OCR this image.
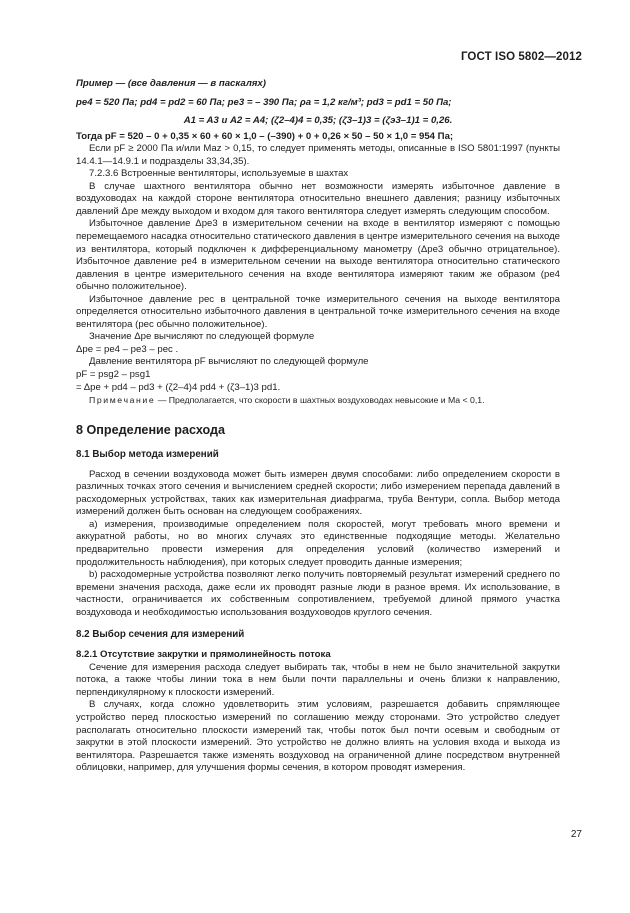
ГОСТ ISO 5802—2012

Пример — (все давления — в паскалях)

pe4 = 520 Па; pd4 = pd2 = 60 Па; pe3 = – 390 Па; ρa = 1,2 кг/м³; pd3 = pd1 = 50 Па;

A1 = A3 и A2 = A4; (ζ2–4)4 = 0,35; (ζ3–1)3 = (ζэ3–1)1 = 0,26.

Тогда pF = 520 – 0 + 0,35 × 60 + 60 × 1,0 – (–390) + 0 + 0,26 × 50 – 50 × 1,0 = 954 Па;

Если pF ≥ 2000 Па и/или Maz > 0,15, то следует применять методы, описанные в ISO 5801:1997 (пункты 14.4.1—14.9.1 и подразделы 33,34,35).

7.2.3.6 Встроенные вентиляторы, используемые в шахтах

В случае шахтного вентилятора обычно нет возможности измерять избыточное давление в воздуховодах на каждой стороне вентилятора относительно внешнего давления; разницу избыточных давлений Δpe между выходом и входом для такого вентилятора следует измерять следующим способом.

Избыточное давление Δpe3 в измерительном сечении на входе в вентилятор измеряют с помощью перемещаемого насадка относительно статического давления в центре измерительного сечения на выходе из вентилятора, который подключен к дифференциальному манометру (Δpe3 обычно отрицательное). Избыточное давление pe4 в измерительном сечении на выходе вентилятора относительно статического давления в центре измерительного сечения на входе вентилятора измеряют таким же образом (pe4 обычно положительное).

Избыточное давление pec в центральной точке измерительного сечения на выходе вентилятора определяется относительно избыточного давления в центральной точке измерительного сечения на входе вентилятора (pec обычно положительное).

Значение Δpe вычисляют по следующей формуле

Δpe = pe4 – pe3 – pec .

Давление вентилятора pF вычисляют по следующей формуле

pF = psg2 – psg1

= Δpe + pd4 – pd3 + (ζ2–4)4 pd4 + (ζ3–1)3 pd1.

Примечание — Предполагается, что скорости в шахтных воздуховодах невысокие и Ma < 0,1.

8 Определение расхода
8.1 Выбор метода измерений

Расход в сечении воздуховода может быть измерен двумя способами: либо определением скорости в различных точках этого сечения и вычислением средней скорости; либо измерением перепада давлений в расходомерных устройствах, таких как измерительная диафрагма, труба Вентури, сопла. Выбор метода измерений должен быть основан на следующем соображениях.

а) измерения, производимые определением поля скоростей, могут требовать много времени и аккуратной работы, но во многих случаях это единственные подходящие методы. Желательно предварительно провести измерения для определения условий (количество измерений и продолжительность наблюдения), при которых следует проводить данные измерения;

b) расходомерные устройства позволяют легко получить повторяемый результат измерений среднего по времени значения расхода, даже если их проводят разные люди в разное время. Их использование, в частности, ограничивается их собственным сопротивлением, требуемой длиной прямого участка воздуховода и необходимостью использования воздуховодов круглого сечения.

8.2 Выбор сечения для измерений
8.2.1 Отсутствие закрутки и прямолинейность потока

Сечение для измерения расхода следует выбирать так, чтобы в нем не было значительной закрутки потока, а также чтобы линии тока в нем были почти параллельны и очень близки к направлению, перпендикулярному к плоскости измерений.

В случаях, когда сложно удовлетворить этим условиям, разрешается добавить спрямляющее устройство перед плоскостью измерений по соглашению между сторонами. Это устройство следует располагать относительно плоскости измерений так, чтобы поток был почти осевым и свободным от закрутки в этой плоскости измерений. Это устройство не должно влиять на условия входа и выхода из вентилятора. Разрешается также изменять воздуховод на ограниченной длине посредством внутренней облицовки, например, для улучшения формы сечения, в котором проводят измерения.

27
